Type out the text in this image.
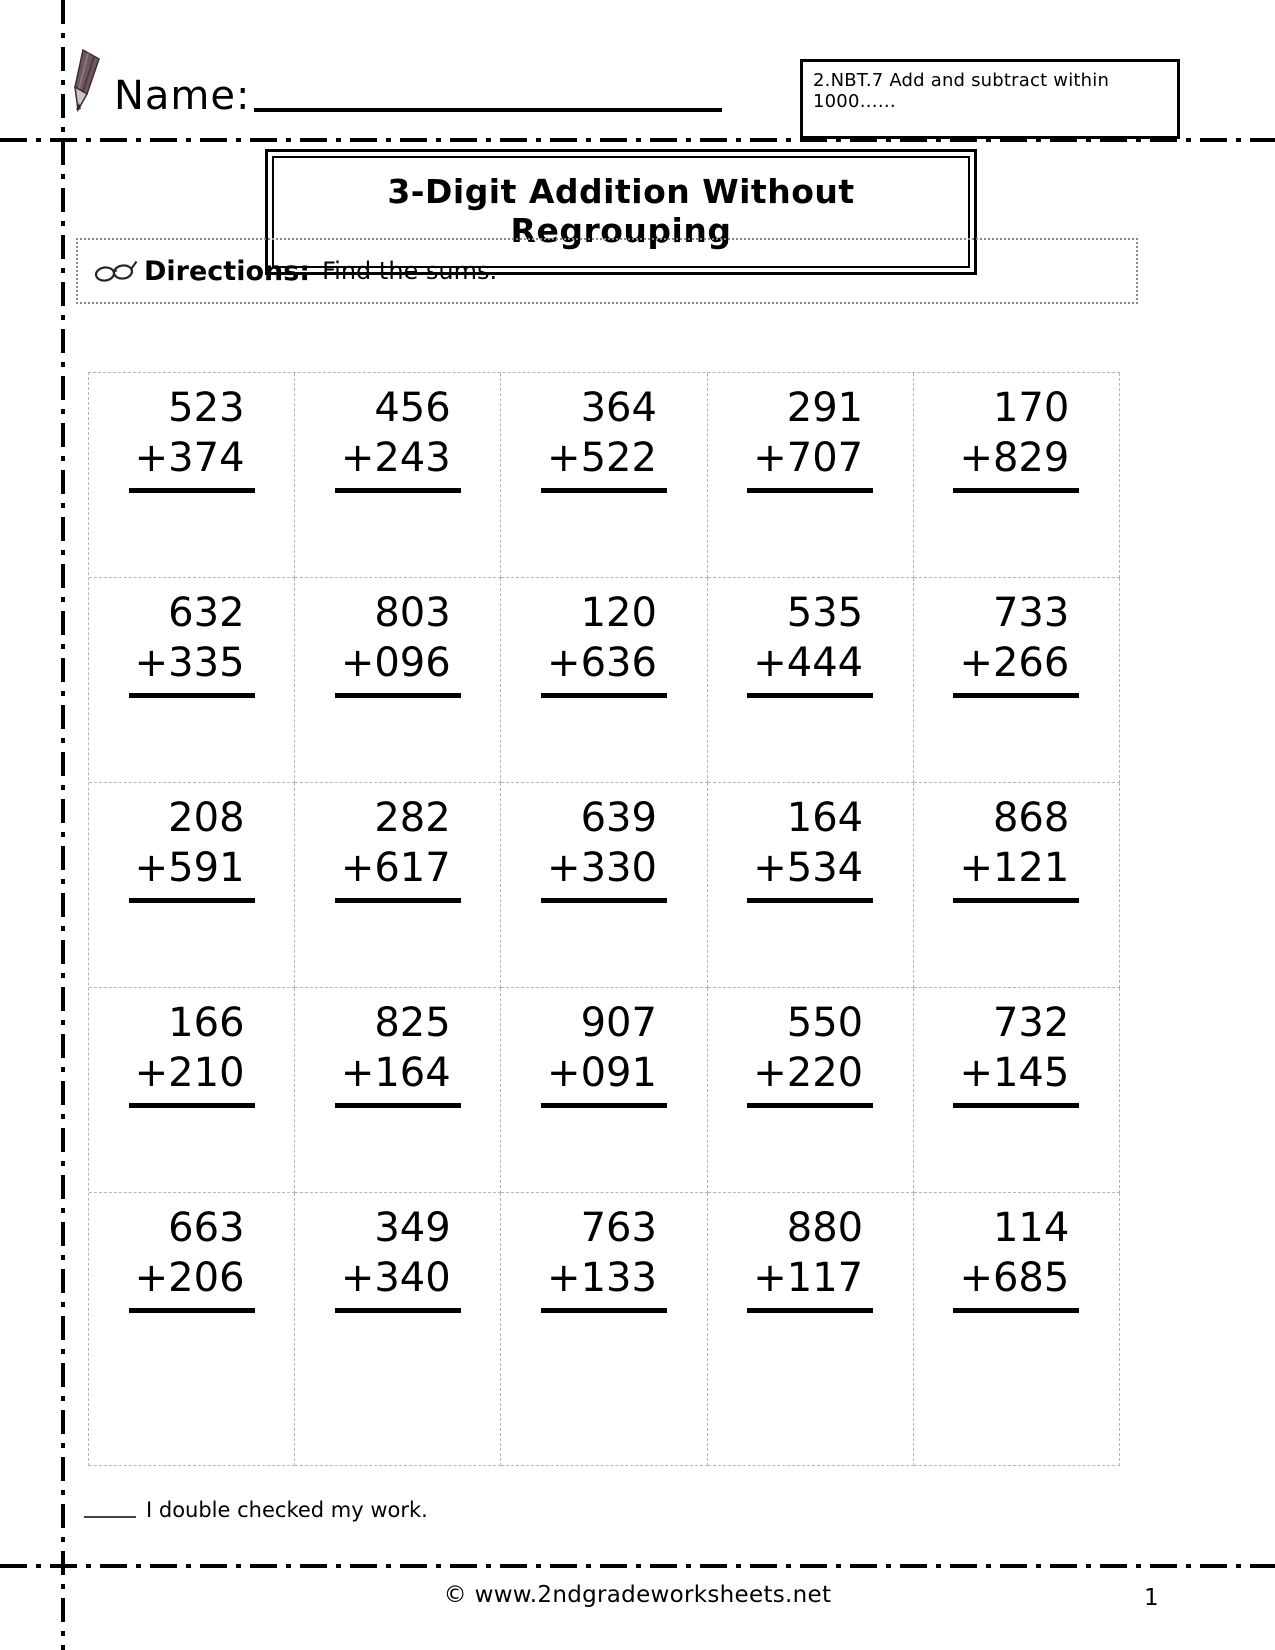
Name:	2.NBT.7 Add and subtract within 1000……
3-Digit Addition Without Regrouping
Directions: Find the sums.
523
+374
456
+243
364
+522
291
+707
170
+829
632
+335
803
+096
120
+636
535
+444
733
+266
208
+591
282
+617
639
+330
164
+534
868
+121
166
+210
825
+164
907
+091
550
+220
732
+145
663
+206
349
+340
763
+133
880
+117
114
+685
I double checked my work.
© www.2ndgradeworksheets.net	1
